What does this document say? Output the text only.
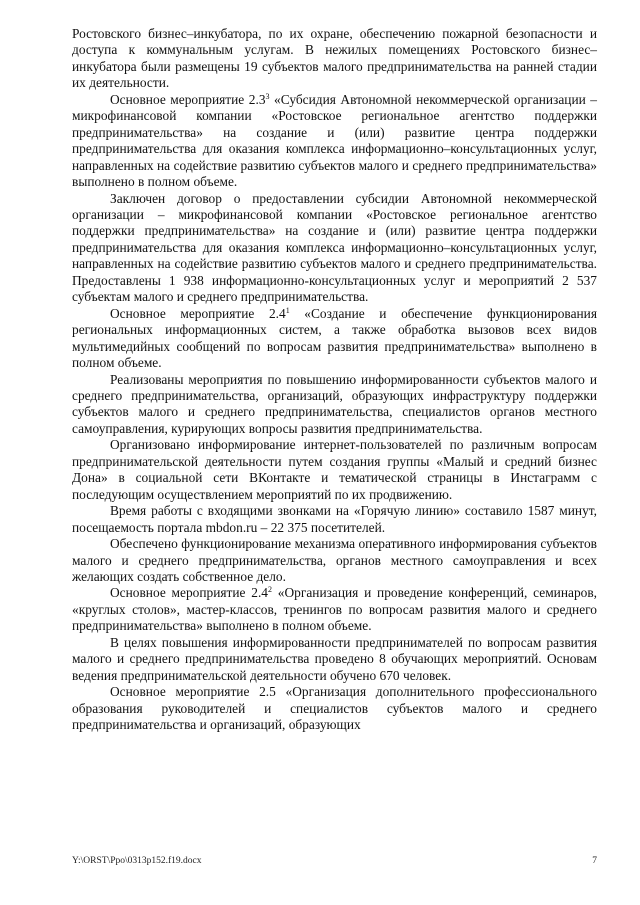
Ростовского бизнес–инкубатора, по их охране, обеспечению пожарной безопасности и доступа к коммунальным услугам. В нежилых помещениях Ростовского бизнес–инкубатора были размещены 19 субъектов малого предпринимательства на ранней стадии их деятельности.

Основное мероприятие $2.3^3$ «Субсидия Автономной некоммерческой организации – микрофинансовой компании «Ростовское региональное агентство поддержки предпринимательства» на создание и (или) развитие центра поддержки предпринимательства для оказания комплекса информационно–консультационных услуг, направленных на содействие развитию субъектов малого и среднего предпринимательства» выполнено в полном объеме.

Заключен договор о предоставлении субсидии Автономной некоммерческой организации – микрофинансовой компании «Ростовское региональное агентство поддержки предпринимательства» на создание и (или) развитие центра поддержки предпринимательства для оказания комплекса информационно–консультационных услуг, направленных на содействие развитию субъектов малого и среднего предпринимательства. Предоставлены 1 938 информационно-консультационных услуг и мероприятий 2 537 субъектам малого и среднего предпринимательства.

Основное мероприятие $2.4^1$ «Создание и обеспечение функционирования региональных информационных систем, а также обработка вызовов всех видов мультимедийных сообщений по вопросам развития предпринимательства» выполнено в полном объеме.

Реализованы мероприятия по повышению информированности субъектов малого и среднего предпринимательства, организаций, образующих инфраструктуру поддержки субъектов малого и среднего предпринимательства, специалистов органов местного самоуправления, курирующих вопросы развития предпринимательства.

Организовано информирование интернет-пользователей по различным вопросам предпринимательской деятельности путем создания группы «Малый и средний бизнес Дона» в социальной сети ВКонтакте и тематической страницы в Инстаграмм с последующим осуществлением мероприятий по их продвижению.

Время работы с входящими звонками на «Горячую линию» составило 1587 минут, посещаемость портала mbdon.ru – 22 375 посетителей.

Обеспечено функционирование механизма оперативного информирования субъектов малого и среднего предпринимательства, органов местного самоуправления и всех желающих создать собственное дело.

Основное мероприятие $2.4^2$ «Организация и проведение конференций, семинаров, «круглых столов», мастер-классов, тренингов по вопросам развития малого и среднего предпринимательства» выполнено в полном объеме.

В целях повышения информированности предпринимателей по вопросам развития малого и среднего предпринимательства проведено 8 обучающих мероприятий. Основам ведения предпринимательской деятельности обучено 670 человек.

Основное мероприятие 2.5 «Организация дополнительного профессионального образования руководителей и специалистов субъектов малого и среднего предпринимательства и организаций, образующих

Y:\ORST\Ppo\0313p152.f19.docx	7
